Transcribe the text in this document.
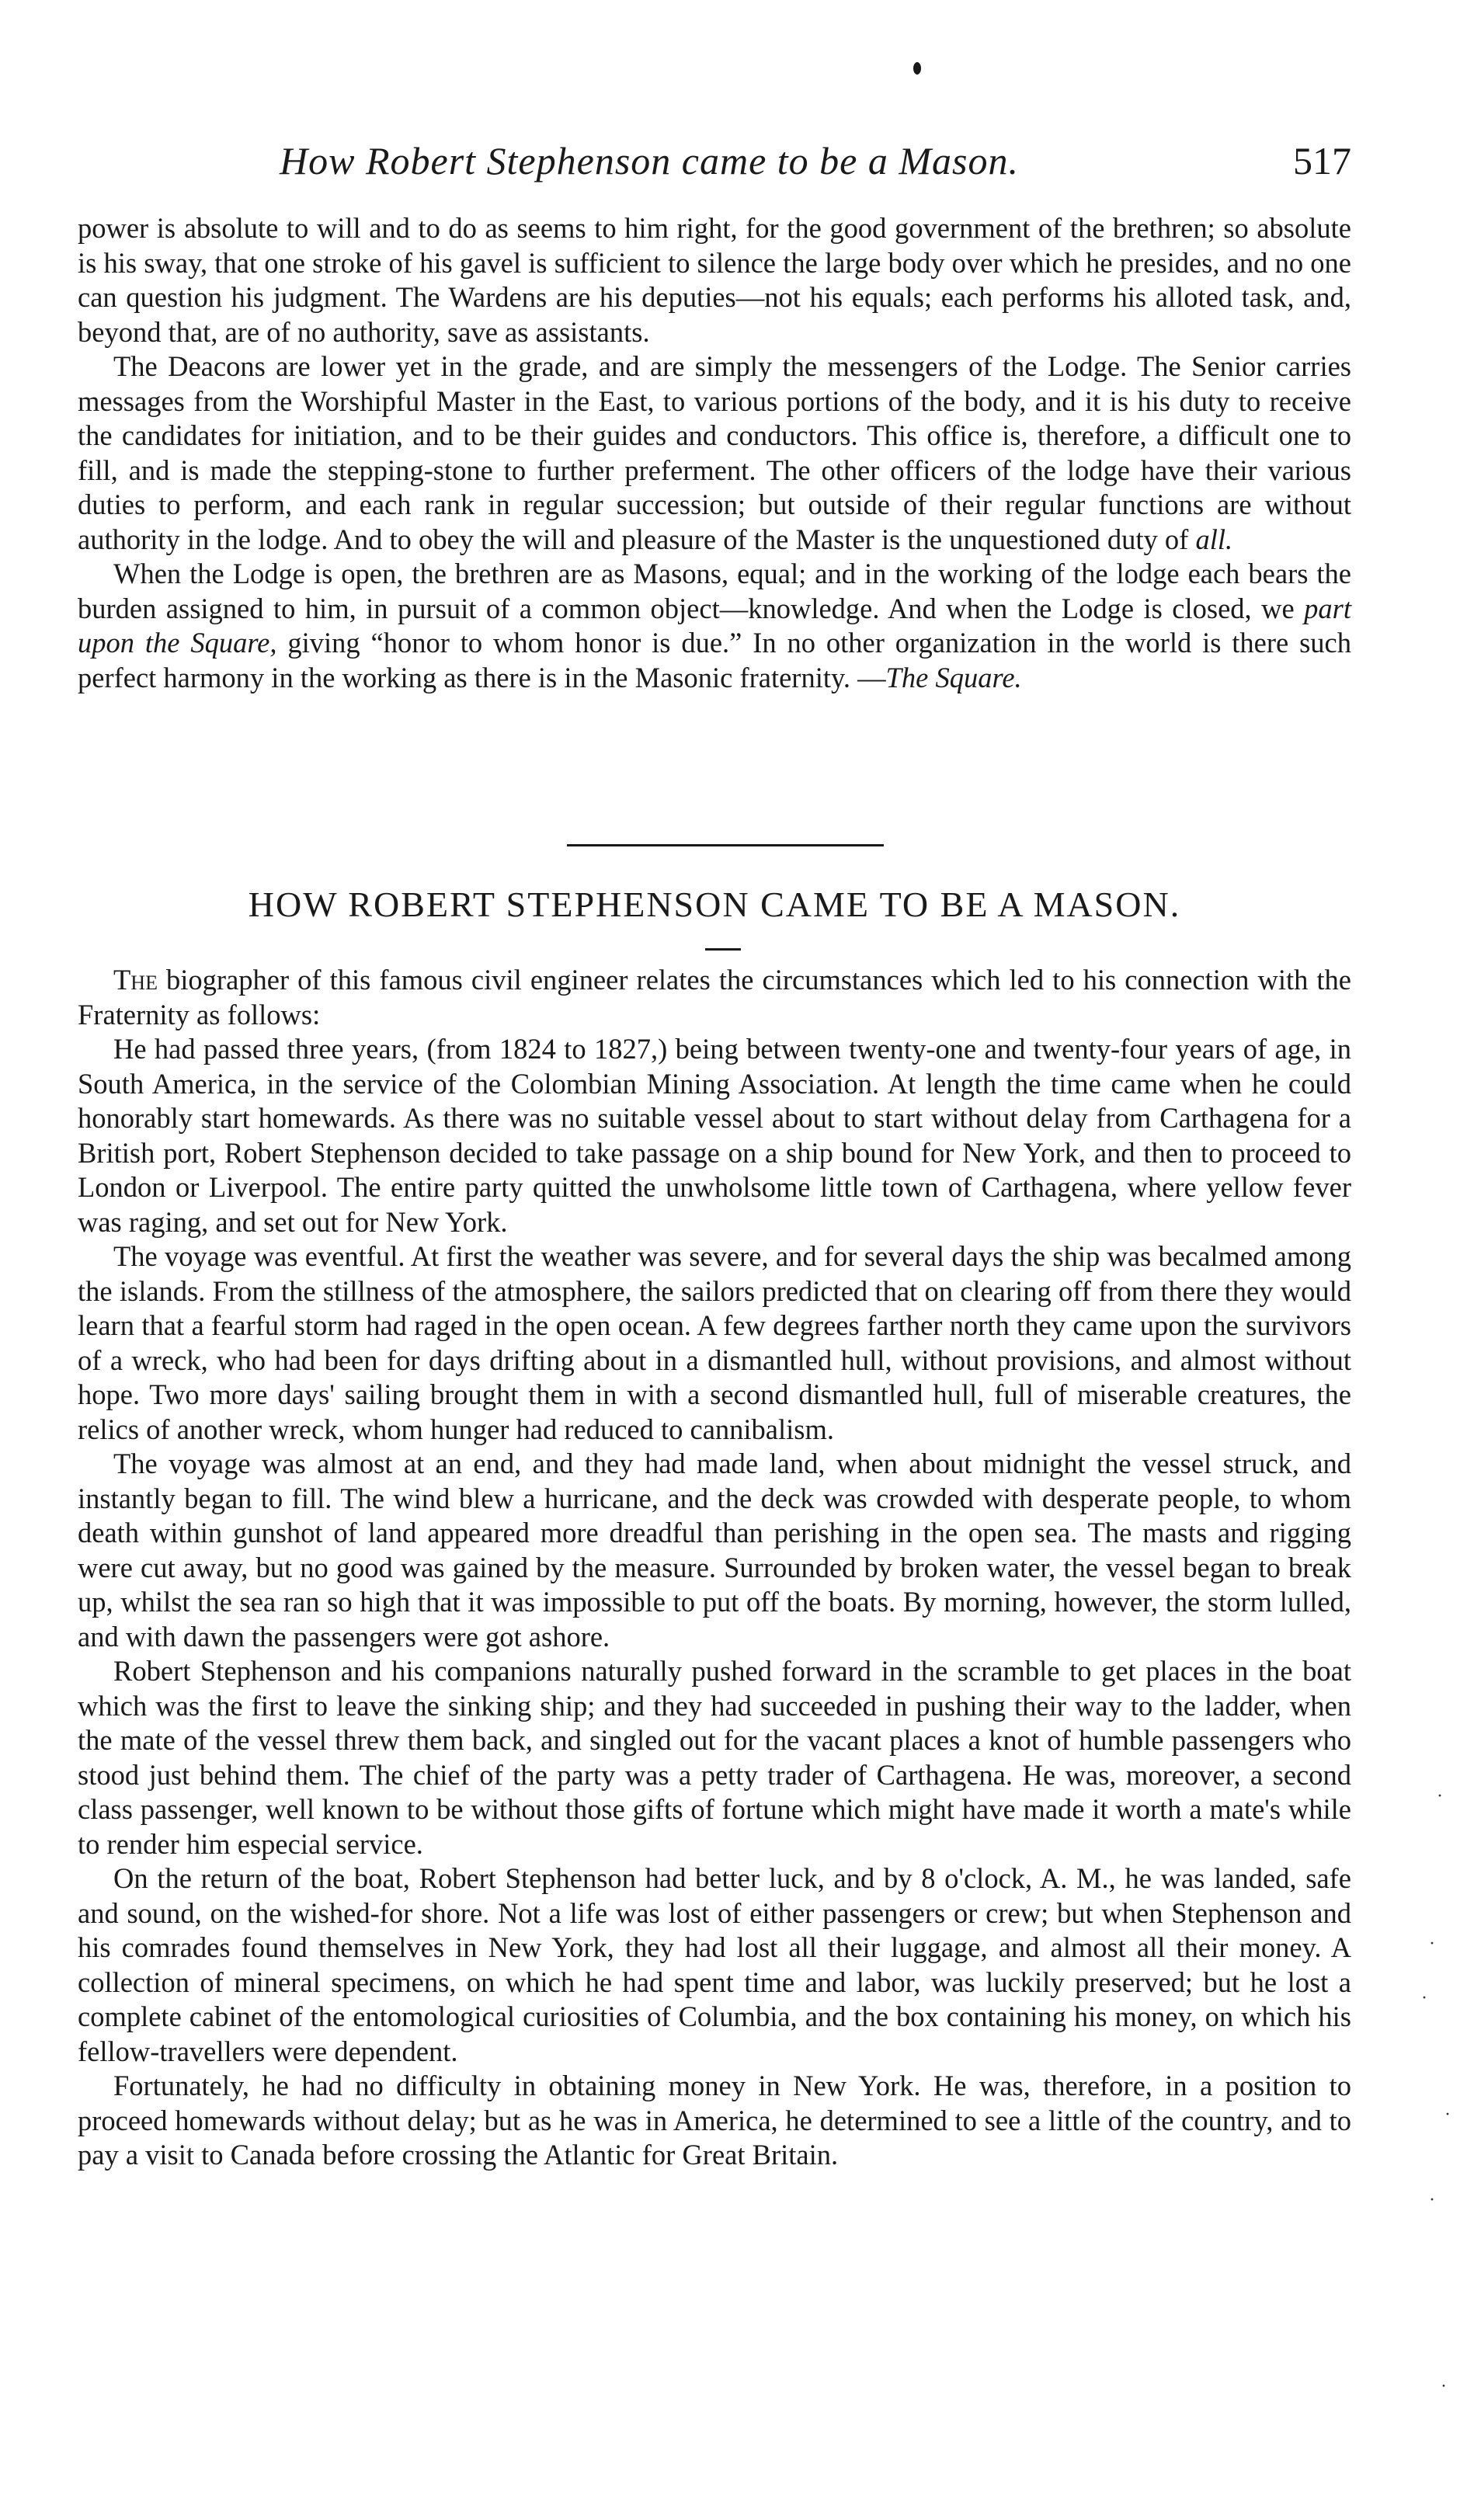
How Robert Stephenson came to be a Mason.	517

power is absolute to will and to do as seems to him right, for the good government of the brethren; so absolute is his sway, that one stroke of his gavel is sufficient to silence the large body over which he presides, and no one can question his judgment. The Wardens are his deputies—not his equals; each performs his alloted task, and, beyond that, are of no authority, save as assistants.

The Deacons are lower yet in the grade, and are simply the messengers of the Lodge. The Senior carries messages from the Worshipful Master in the East, to various portions of the body, and it is his duty to receive the candidates for initiation, and to be their guides and conductors. This office is, therefore, a difficult one to fill, and is made the stepping-stone to further preferment. The other officers of the lodge have their various duties to perform, and each rank in regular succession; but outside of their regular functions are without authority in the lodge. And to obey the will and pleasure of the Master is the unquestioned duty of all.

When the Lodge is open, the brethren are as Masons, equal; and in the working of the lodge each bears the burden assigned to him, in pursuit of a common object—knowledge. And when the Lodge is closed, we part upon the Square, giving “honor to whom honor is due.” In no other organization in the world is there such perfect harmony in the working as there is in the Masonic fraternity. —The Square.

HOW ROBERT STEPHENSON CAME TO BE A MASON.

The biographer of this famous civil engineer relates the circumstances which led to his connection with the Fraternity as follows:

He had passed three years, (from 1824 to 1827,) being between twenty-one and twenty-four years of age, in South America, in the service of the Colombian Mining Association. At length the time came when he could honorably start homewards. As there was no suitable vessel about to start without delay from Carthagena for a British port, Robert Stephenson decided to take passage on a ship bound for New York, and then to proceed to London or Liverpool. The entire party quitted the unwholsome little town of Carthagena, where yellow fever was raging, and set out for New York.

The voyage was eventful. At first the weather was severe, and for several days the ship was becalmed among the islands. From the stillness of the atmosphere, the sailors predicted that on clearing off from there they would learn that a fearful storm had raged in the open ocean. A few degrees farther north they came upon the survivors of a wreck, who had been for days drifting about in a dismantled hull, without provisions, and almost without hope. Two more days' sailing brought them in with a second dismantled hull, full of miserable creatures, the relics of another wreck, whom hunger had reduced to cannibalism.

The voyage was almost at an end, and they had made land, when about midnight the vessel struck, and instantly began to fill. The wind blew a hurricane, and the deck was crowded with desperate people, to whom death within gunshot of land appeared more dreadful than perishing in the open sea. The masts and rigging were cut away, but no good was gained by the measure. Surrounded by broken water, the vessel began to break up, whilst the sea ran so high that it was impossible to put off the boats. By morning, however, the storm lulled, and with dawn the passengers were got ashore.

Robert Stephenson and his companions naturally pushed forward in the scramble to get places in the boat which was the first to leave the sinking ship; and they had succeeded in pushing their way to the ladder, when the mate of the vessel threw them back, and singled out for the vacant places a knot of humble passengers who stood just behind them. The chief of the party was a petty trader of Carthagena. He was, moreover, a second class passenger, well known to be without those gifts of fortune which might have made it worth a mate's while to render him especial service.

On the return of the boat, Robert Stephenson had better luck, and by 8 o'clock, A. M., he was landed, safe and sound, on the wished-for shore. Not a life was lost of either passengers or crew; but when Stephenson and his comrades found themselves in New York, they had lost all their luggage, and almost all their money. A collection of mineral specimens, on which he had spent time and labor, was luckily preserved; but he lost a complete cabinet of the entomological curiosities of Columbia, and the box containing his money, on which his fellow-travellers were dependent.

Fortunately, he had no difficulty in obtaining money in New York. He was, therefore, in a position to proceed homewards without delay; but as he was in America, he determined to see a little of the country, and to pay a visit to Canada before crossing the Atlantic for Great Britain.

·
·
·
·
·
·
